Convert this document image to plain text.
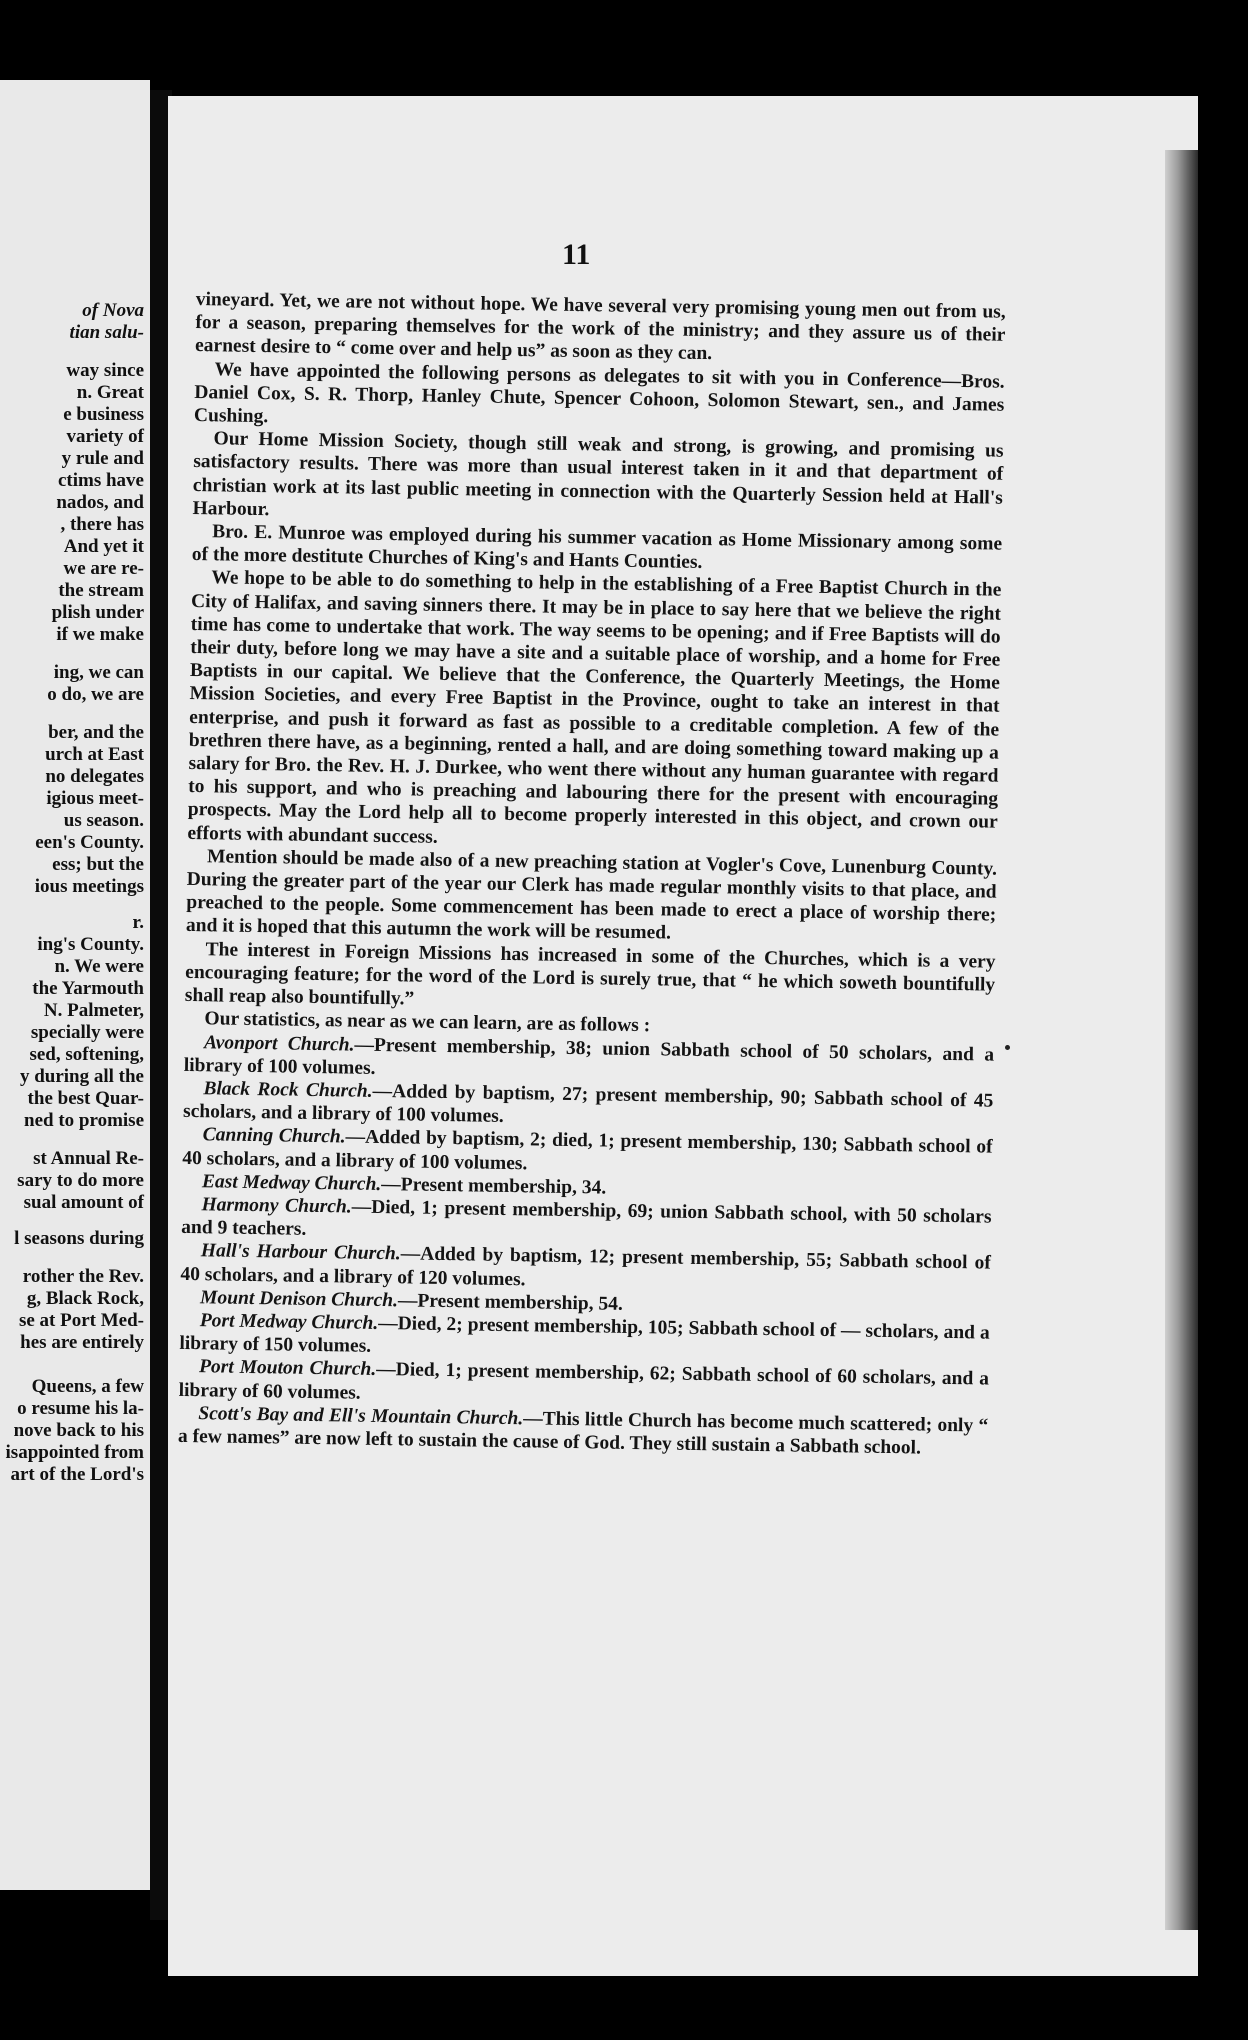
of Nova
tian salu-
way since
n. Great
e business
variety of
y rule and
ctims have
nados, and
, there has
And yet it
we are re-
the stream
plish under
if we make
ing, we can
o do, we are
ber, and the
urch at East
no delegates
igious meet-
us season.
een's County.
ess; but the
ious meetings
r.
ing's County.
n. We were
the Yarmouth
N. Palmeter,
specially were
sed, softening,
y during all the
the best Quar-
ned to promise
st Annual Re-
sary to do more
sual amount of
l seasons during
rother the Rev.
g, Black Rock,
se at Port Med-
hes are entirely
Queens, a few
o resume his la-
nove back to his
isappointed from
art of the Lord's
11

vineyard. Yet, we are not without hope. We have several very promising young men out from us, for a season, preparing themselves for the work of the ministry; and they assure us of their earnest desire to “ come over and help us” as soon as they can.

We have appointed the following persons as delegates to sit with you in Conference—Bros. Daniel Cox, S. R. Thorp, Hanley Chute, Spencer Cohoon, Solomon Stewart, sen., and James Cushing.

Our Home Mission Society, though still weak and strong, is growing, and promising us satisfactory results. There was more than usual interest taken in it and that department of christian work at its last public meeting in connection with the Quarterly Session held at Hall's Harbour.

Bro. E. Munroe was employed during his summer vacation as Home Missionary among some of the more destitute Churches of King's and Hants Counties.

We hope to be able to do something to help in the establishing of a Free Baptist Church in the City of Halifax, and saving sinners there. It may be in place to say here that we believe the right time has come to undertake that work. The way seems to be opening; and if Free Baptists will do their duty, before long we may have a site and a suitable place of worship, and a home for Free Baptists in our capital. We believe that the Conference, the Quarterly Meetings, the Home Mission Societies, and every Free Baptist in the Province, ought to take an interest in that enterprise, and push it forward as fast as possible to a creditable completion. A few of the brethren there have, as a beginning, rented a hall, and are doing something toward making up a salary for Bro. the Rev. H. J. Durkee, who went there without any human guarantee with regard to his support, and who is preaching and labouring there for the present with encouraging prospects. May the Lord help all to become properly interested in this object, and crown our efforts with abundant success.

Mention should be made also of a new preaching station at Vogler's Cove, Lunenburg County. During the greater part of the year our Clerk has made regular monthly visits to that place, and preached to the people. Some commencement has been made to erect a place of worship there; and it is hoped that this autumn the work will be resumed.

The interest in Foreign Missions has increased in some of the Churches, which is a very encouraging feature; for the word of the Lord is surely true, that “ he which soweth bountifully shall reap also bountifully.”

Our statistics, as near as we can learn, are as follows :

Avonport Church.—Present membership, 38; union Sabbath school of 50 scholars, and a library of 100 volumes.

Black Rock Church.—Added by baptism, 27; present membership, 90; Sabbath school of 45 scholars, and a library of 100 volumes.

Canning Church.—Added by baptism, 2; died, 1; present membership, 130; Sabbath school of 40 scholars, and a library of 100 volumes.

East Medway Church.—Present membership, 34.

Harmony Church.—Died, 1; present membership, 69; union Sabbath school, with 50 scholars and 9 teachers.

Hall's Harbour Church.—Added by baptism, 12; present membership, 55; Sabbath school of 40 scholars, and a library of 120 volumes.

Mount Denison Church.—Present membership, 54.

Port Medway Church.—Died, 2; present membership, 105; Sabbath school of — scholars, and a library of 150 volumes.

Port Mouton Church.—Died, 1; present membership, 62; Sabbath school of 60 scholars, and a library of 60 volumes.

Scott's Bay and Ell's Mountain Church.—This little Church has become much scattered; only “ a few names” are now left to sustain the cause of God. They still sustain a Sabbath school.
